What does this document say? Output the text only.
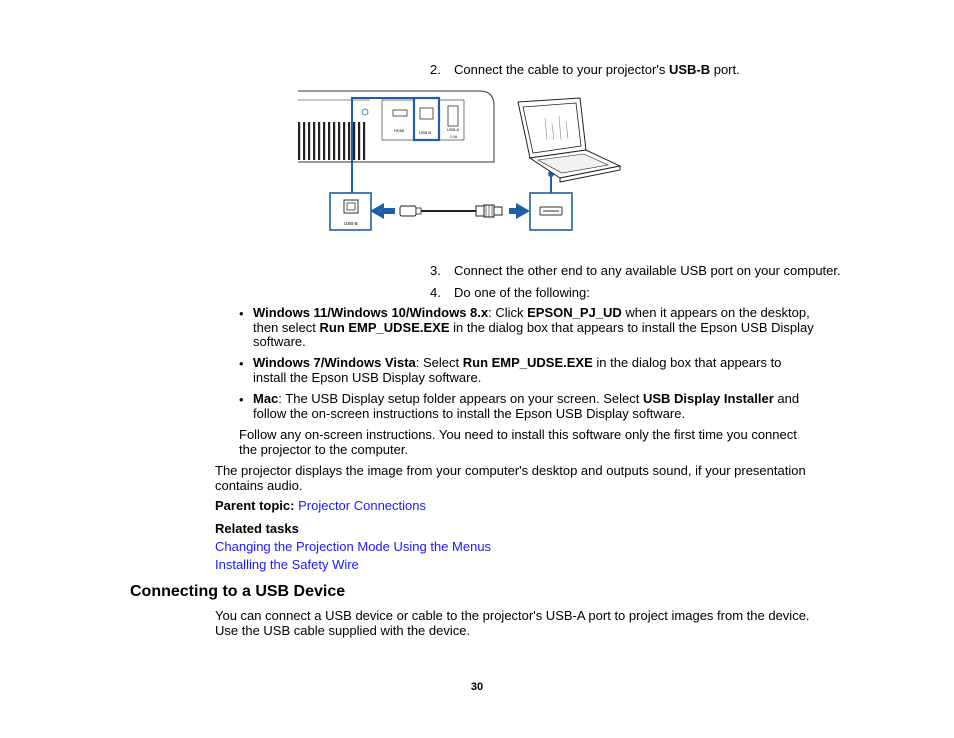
2.	Connect the cable to your projector's USB-B port.
HDMI	USB B
USB-A
2.0A
USB-B
3.	Connect the other end to any available USB port on your computer.
4.	Do one of the following:
• Windows 11/Windows 10/Windows 8.x: Click EPSON_PJ_UD when it appears on the desktop,
then select Run EMP_UDSE.EXE in the dialog box that appears to install the Epson USB Display
software.
• Windows 7/Windows Vista: Select Run EMP_UDSE.EXE in the dialog box that appears to
install the Epson USB Display software.
• Mac: The USB Display setup folder appears on your screen. Select USB Display Installer and
follow the on-screen instructions to install the Epson USB Display software.
Follow any on-screen instructions. You need to install this software only the first time you connect
the projector to the computer.
The projector displays the image from your computer's desktop and outputs sound, if your presentation
contains audio.
Parent topic: Projector Connections
Related tasks
Changing the Projection Mode Using the Menus
Installing the Safety Wire
Connecting to a USB Device
You can connect a USB device or cable to the projector's USB-A port to project images from the device.
Use the USB cable supplied with the device.
30
